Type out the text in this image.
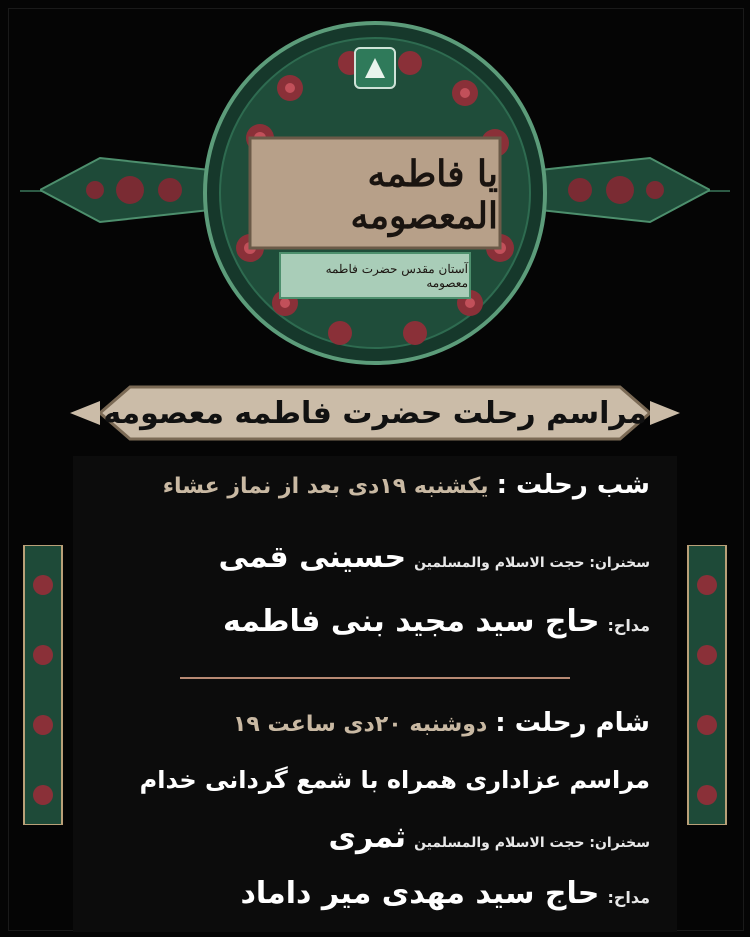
یا فاطمه المعصومه
آستان مقدس حضرت فاطمه معصومه
مراسم رحلت حضرت فاطمه معصومه
شب رحلت :
یکشنبه ۱۹دی بعد از نماز عشاء
سخنران: حجت الاسلام والمسلمین
حسینی قمی
مداح:
حاج سید مجید بنی فاطمه
شام رحلت :
دوشنبه ۲۰دی ساعت ۱۹
مراسم عزاداری همراه با شمع گردانی خدام
سخنران: حجت الاسلام والمسلمین
ثمری
مداح:
حاج سید مهدی میر داماد
